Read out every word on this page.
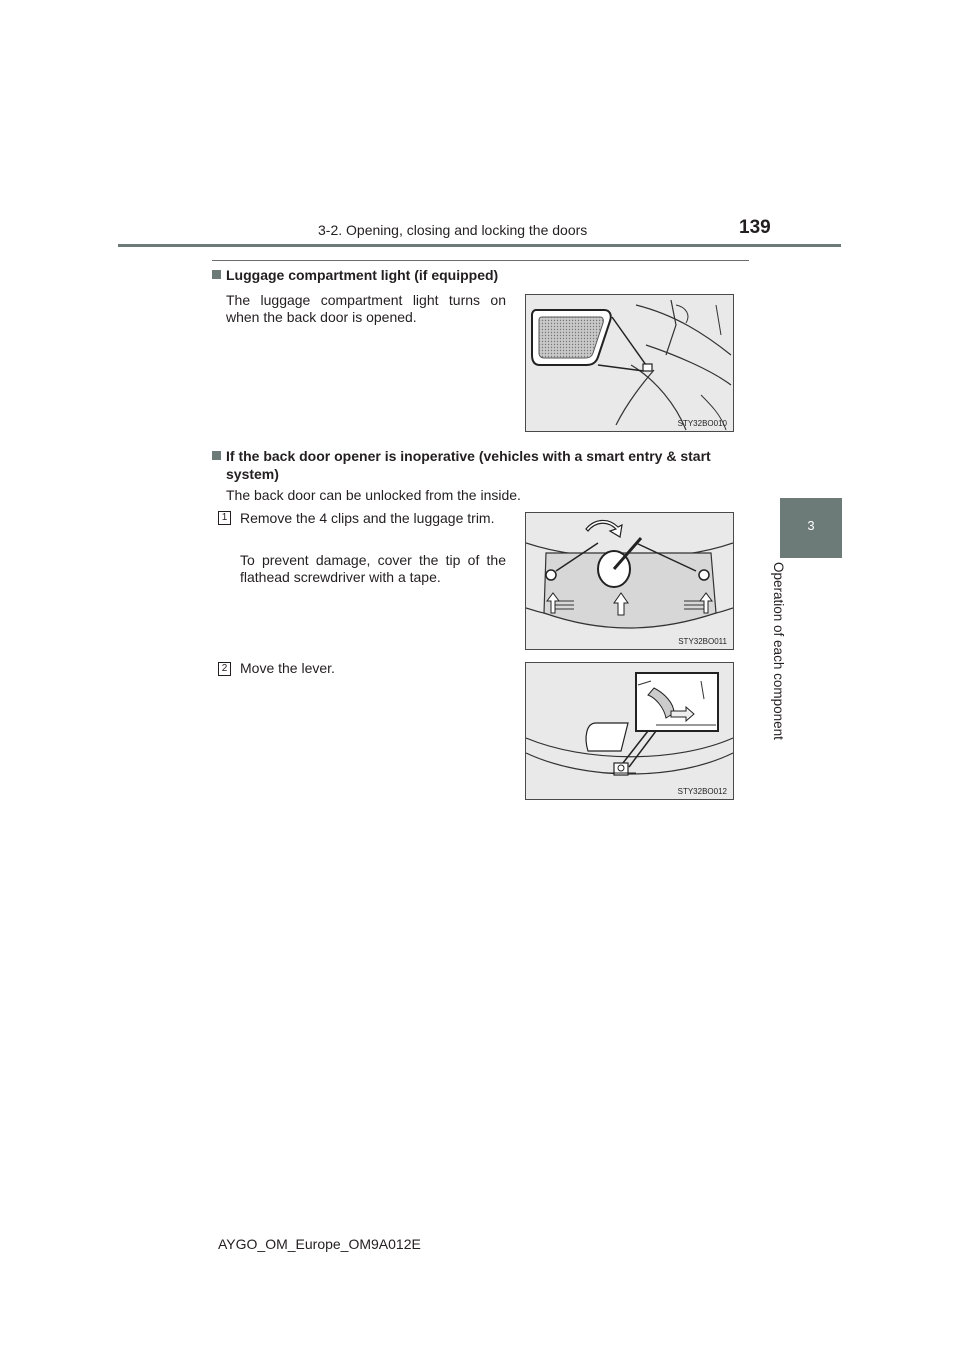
3-2. Opening, closing and locking the doors	139
3
Operation of each component
Luggage compartment light (if equipped)
The luggage compartment light turns on when the back door is opened.
STY32BO010
If the back door opener is inoperative (vehicles with a smart entry & start
system)
The back door can be unlocked from the inside.
1 Remove the 4 clips and the luggage trim.
To prevent damage, cover the tip of the flathead screwdriver with a tape.
STY32BO011
2 Move the lever.
STY32BO012
AYGO_OM_Europe_OM9A012E
